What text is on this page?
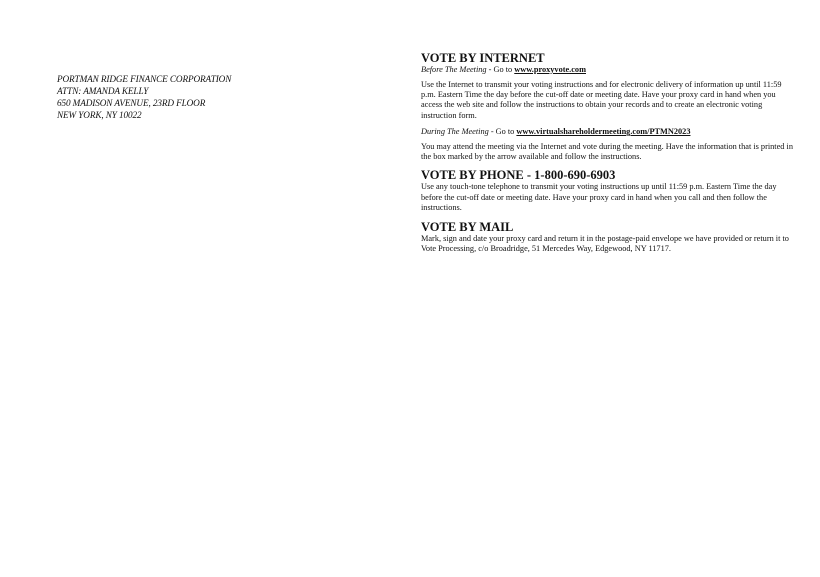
PORTMAN RIDGE FINANCE CORPORATION
ATTN: AMANDA KELLY
650 MADISON AVENUE, 23RD FLOOR
NEW YORK, NY 10022
VOTE BY INTERNET
Before The Meeting - Go to www.proxyvote.com

Use the Internet to transmit your voting instructions and for electronic delivery of information up until 11:59 p.m. Eastern Time the day before the cut-off date or meeting date. Have your proxy card in hand when you access the web site and follow the instructions to obtain your records and to create an electronic voting instruction form.

During The Meeting - Go to www.virtualshareholdermeeting.com/PTMN2023

You may attend the meeting via the Internet and vote during the meeting. Have the information that is printed in the box marked by the arrow available and follow the instructions.

VOTE BY PHONE - 1-800-690-6903

Use any touch-tone telephone to transmit your voting instructions up until 11:59 p.m. Eastern Time the day before the cut-off date or meeting date. Have your proxy card in hand when you call and then follow the instructions.

VOTE BY MAIL

Mark, sign and date your proxy card and return it in the postage-paid envelope we have provided or return it to Vote Processing, c/o Broadridge, 51 Mercedes Way, Edgewood, NY 11717.
